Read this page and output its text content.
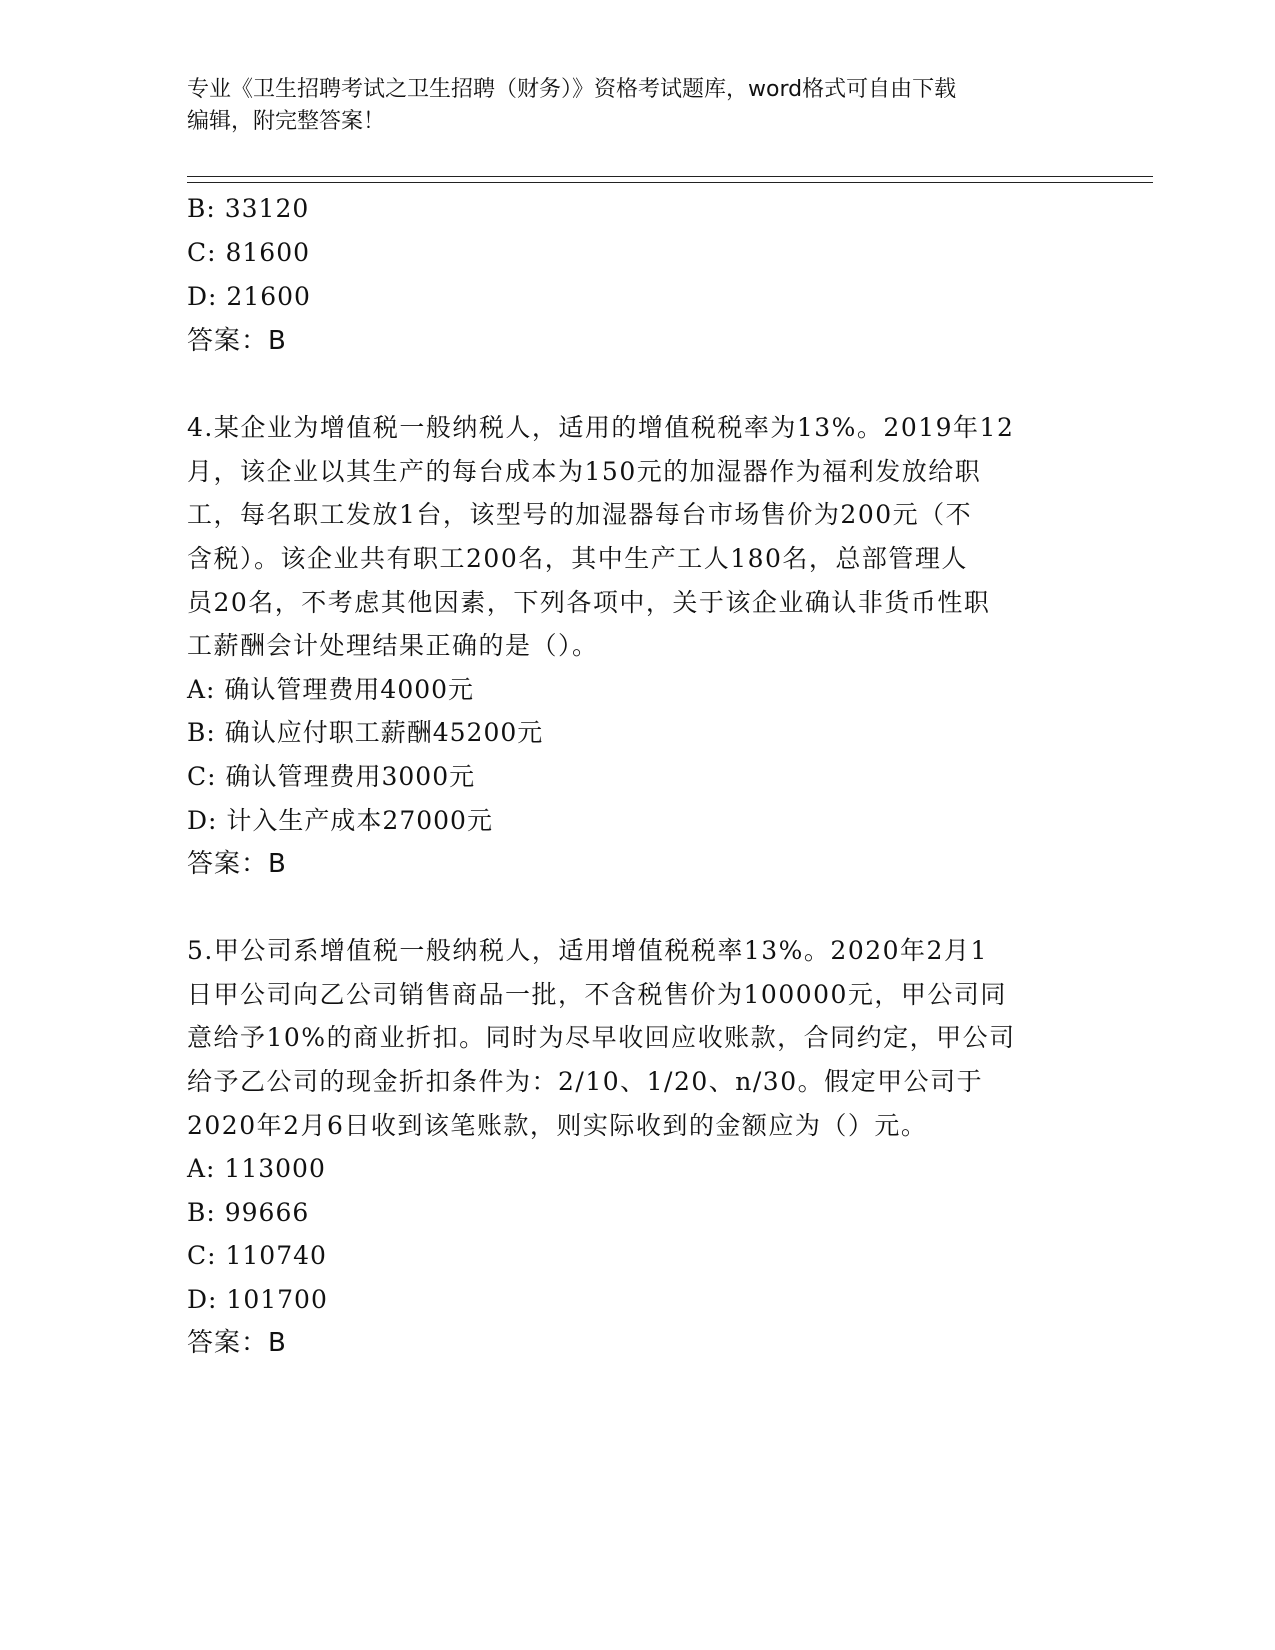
专业《卫生招聘考试之卫生招聘（财务）》资格考试题库，word格式可自由下载
编辑，附完整答案！
B: 33120
C: 81600
D: 21600
答案：B
4.某企业为增值税一般纳税人，适用的增值税税率为13%。2019年12
月，该企业以其生产的每台成本为150元的加湿器作为福利发放给职
工，每名职工发放1台，该型号的加湿器每台市场售价为200元（不
含税）。该企业共有职工200名，其中生产工人180名，总部管理人
员20名，不考虑其他因素，下列各项中，关于该企业确认非货币性职
工薪酬会计处理结果正确的是（）。
A: 确认管理费用4000元
B: 确认应付职工薪酬45200元
C: 确认管理费用3000元
D: 计入生产成本27000元
答案：B
5.甲公司系增值税一般纳税人，适用增值税税率13%。2020年2月1
日甲公司向乙公司销售商品一批，不含税售价为100000元，甲公司同
意给予10%的商业折扣。同时为尽早收回应收账款，合同约定，甲公司
给予乙公司的现金折扣条件为：2/10、1/20、n/30。假定甲公司于
2020年2月6日收到该笔账款，则实际收到的金额应为（）元。
A: 113000
B: 99666
C: 110740
D: 101700
答案：B
